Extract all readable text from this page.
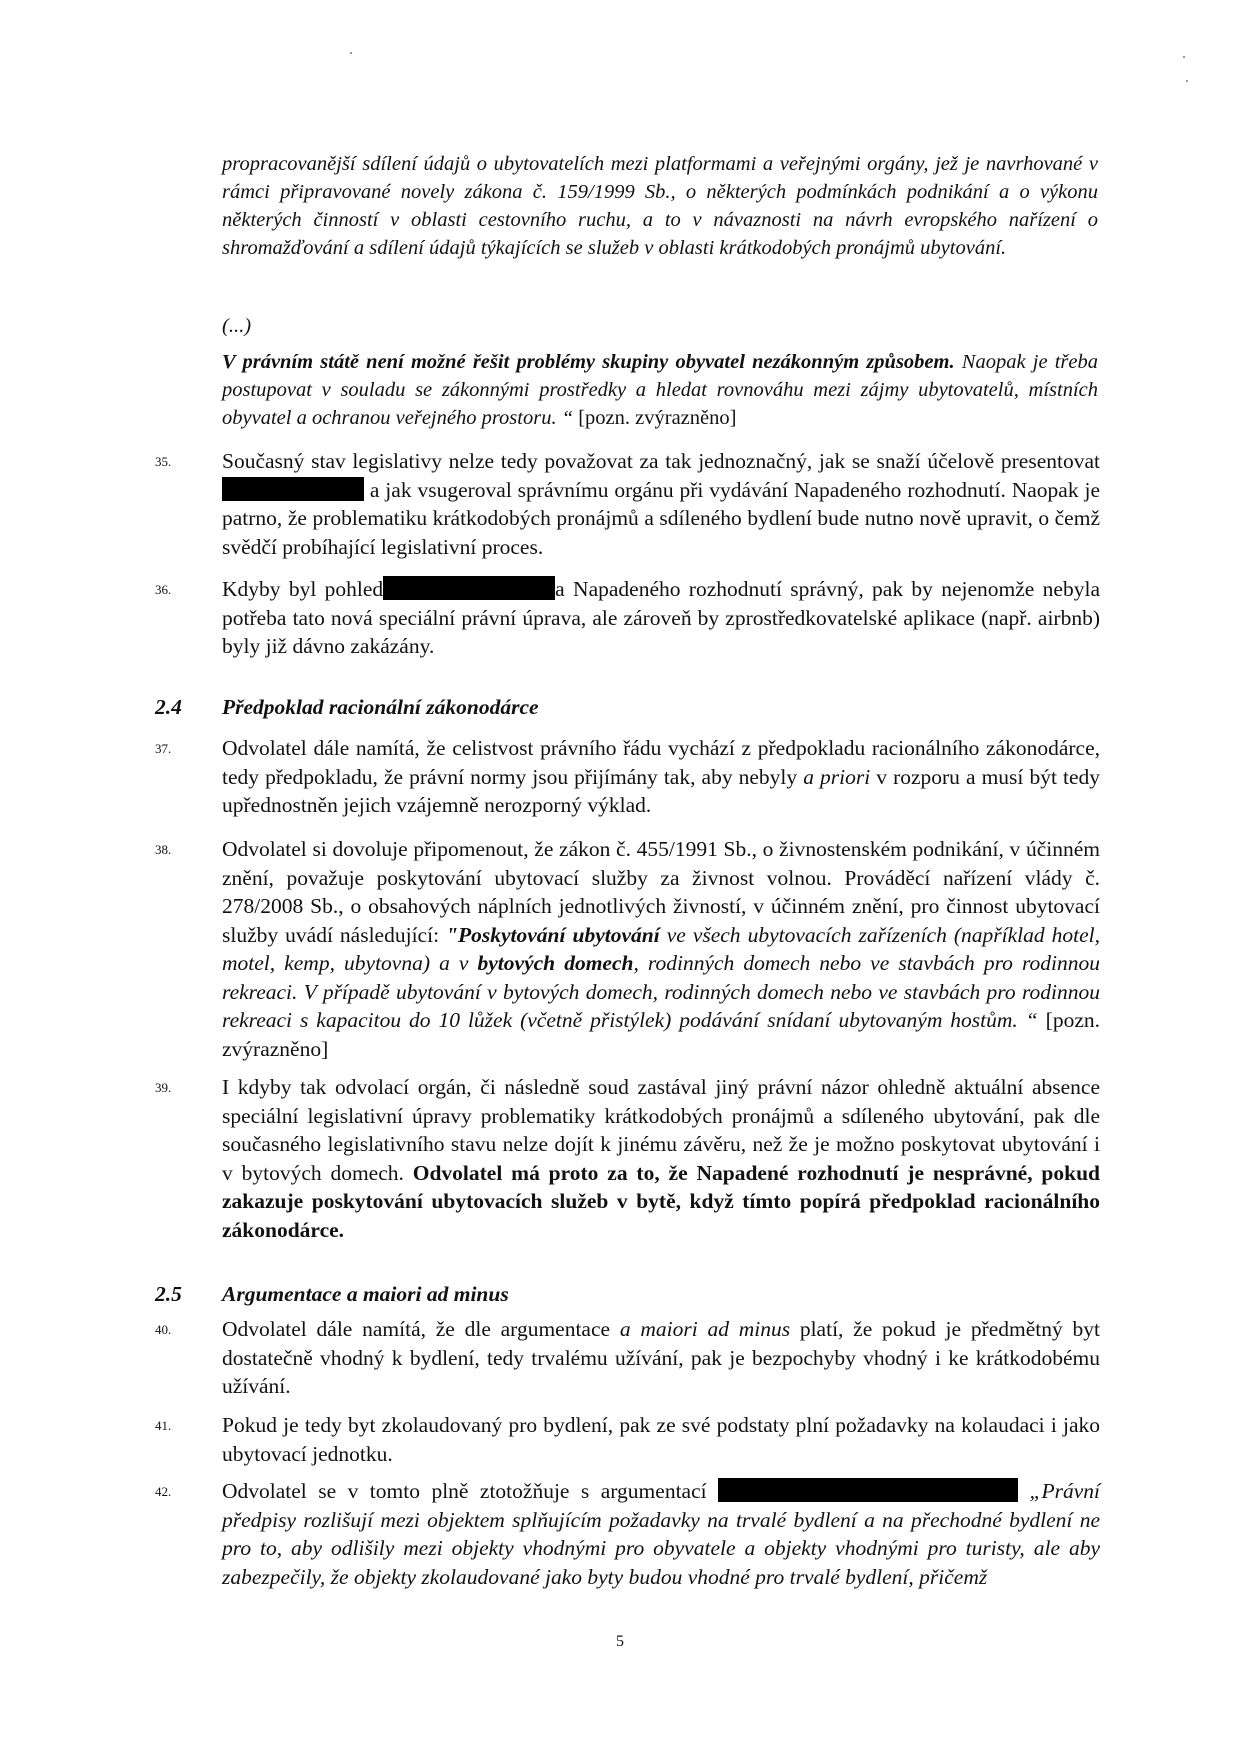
propracovanější sdílení údajů o ubytovatelích mezi platformami a veřejnými orgány, jež je navrhované v rámci připravované novely zákona č. 159/1999 Sb., o některých podmínkách podnikání a o výkonu některých činností v oblasti cestovního ruchu, a to v návaznosti na návrh evropského nařízení o shromažďování a sdílení údajů týkajících se služeb v oblasti krátkodobých pronájmů ubytování.
(...)
V právním státě není možné řešit problémy skupiny obyvatel nezákonným způsobem. Naopak je třeba postupovat v souladu se zákonnými prostředky a hledat rovnováhu mezi zájmy ubytovatelů, místních obyvatel a ochranou veřejného prostoru. “ [pozn. zvýrazněno]
35. Současný stav legislativy nelze tedy považovat za tak jednoznačný, jak se snaží účelově presentovat  a jak vsugeroval správnímu orgánu při vydávání Napadeného rozhodnutí. Naopak je patrno, že problematiku krátkodobých pronájmů a sdíleného bydlení bude nutno nově upravit, o čemž svědčí probíhající legislativní proces.
36. Kdyby byl pohled	a Napadeného rozhodnutí správný, pak by nejenomže nebyla potřeba tato nová speciální právní úprava, ale zároveň by zprostředkovatelské aplikace (např. airbnb) byly již dávno zakázány.
2.4 Předpoklad racionální zákonodárce
37. Odvolatel dále namítá, že celistvost právního řádu vychází z předpokladu racionálního zákonodárce, tedy předpokladu, že právní normy jsou přijímány tak, aby nebyly a priori v rozporu a musí být tedy upřednostněn jejich vzájemně nerozporný výklad.
38. Odvolatel si dovoluje připomenout, že zákon č. 455/1991 Sb., o živnostenském podnikání, v účinném znění, považuje poskytování ubytovací služby za živnost volnou. Prováděcí nařízení vlády č. 278/2008 Sb., o obsahových náplních jednotlivých živností, v účinném znění, pro činnost ubytovací služby uvádí následující: "Poskytování ubytování ve všech ubytovacích zařízeních (například hotel, motel, kemp, ubytovna) a v bytových domech, rodinných domech nebo ve stavbách pro rodinnou rekreaci. V případě ubytování v bytových domech, rodinných domech nebo ve stavbách pro rodinnou rekreaci s kapacitou do 10 lůžek (včetně přistýlek) podávání snídaní ubytovaným hostům. “ [pozn. zvýrazněno]
39. I kdyby tak odvolací orgán, či následně soud zastával jiný právní názor ohledně aktuální absence speciální legislativní úpravy problematiky krátkodobých pronájmů a sdíleného ubytování, pak dle současného legislativního stavu nelze dojít k jinému závěru, než že je možno poskytovat ubytování i v bytových domech. Odvolatel má proto za to, že Napadené rozhodnutí je nesprávné, pokud zakazuje poskytování ubytovacích služeb v bytě, když tímto popírá předpoklad racionálního zákonodárce.
2.5 Argumentace a maiori ad minus
40. Odvolatel dále namítá, že dle argumentace a maiori ad minus platí, že pokud je předmětný byt dostatečně vhodný k bydlení, tedy trvalému užívání, pak je bezpochyby vhodný i ke krátkodobému užívání.
41. Pokud je tedy byt zkolaudovaný pro bydlení, pak ze své podstaty plní požadavky na kolaudaci i jako ubytovací jednotku.
42. Odvolatel se v tomto plně ztotožňuje s argumentací	„Právní předpisy rozlišují mezi objektem splňujícím požadavky na trvalé bydlení a na přechodné bydlení ne pro to, aby odlišily mezi objekty vhodnými pro obyvatele a objekty vhodnými pro turisty, ale aby zabezpečily, že objekty zkolaudované jako byty budou vhodné pro trvalé bydlení, přičemž
5
